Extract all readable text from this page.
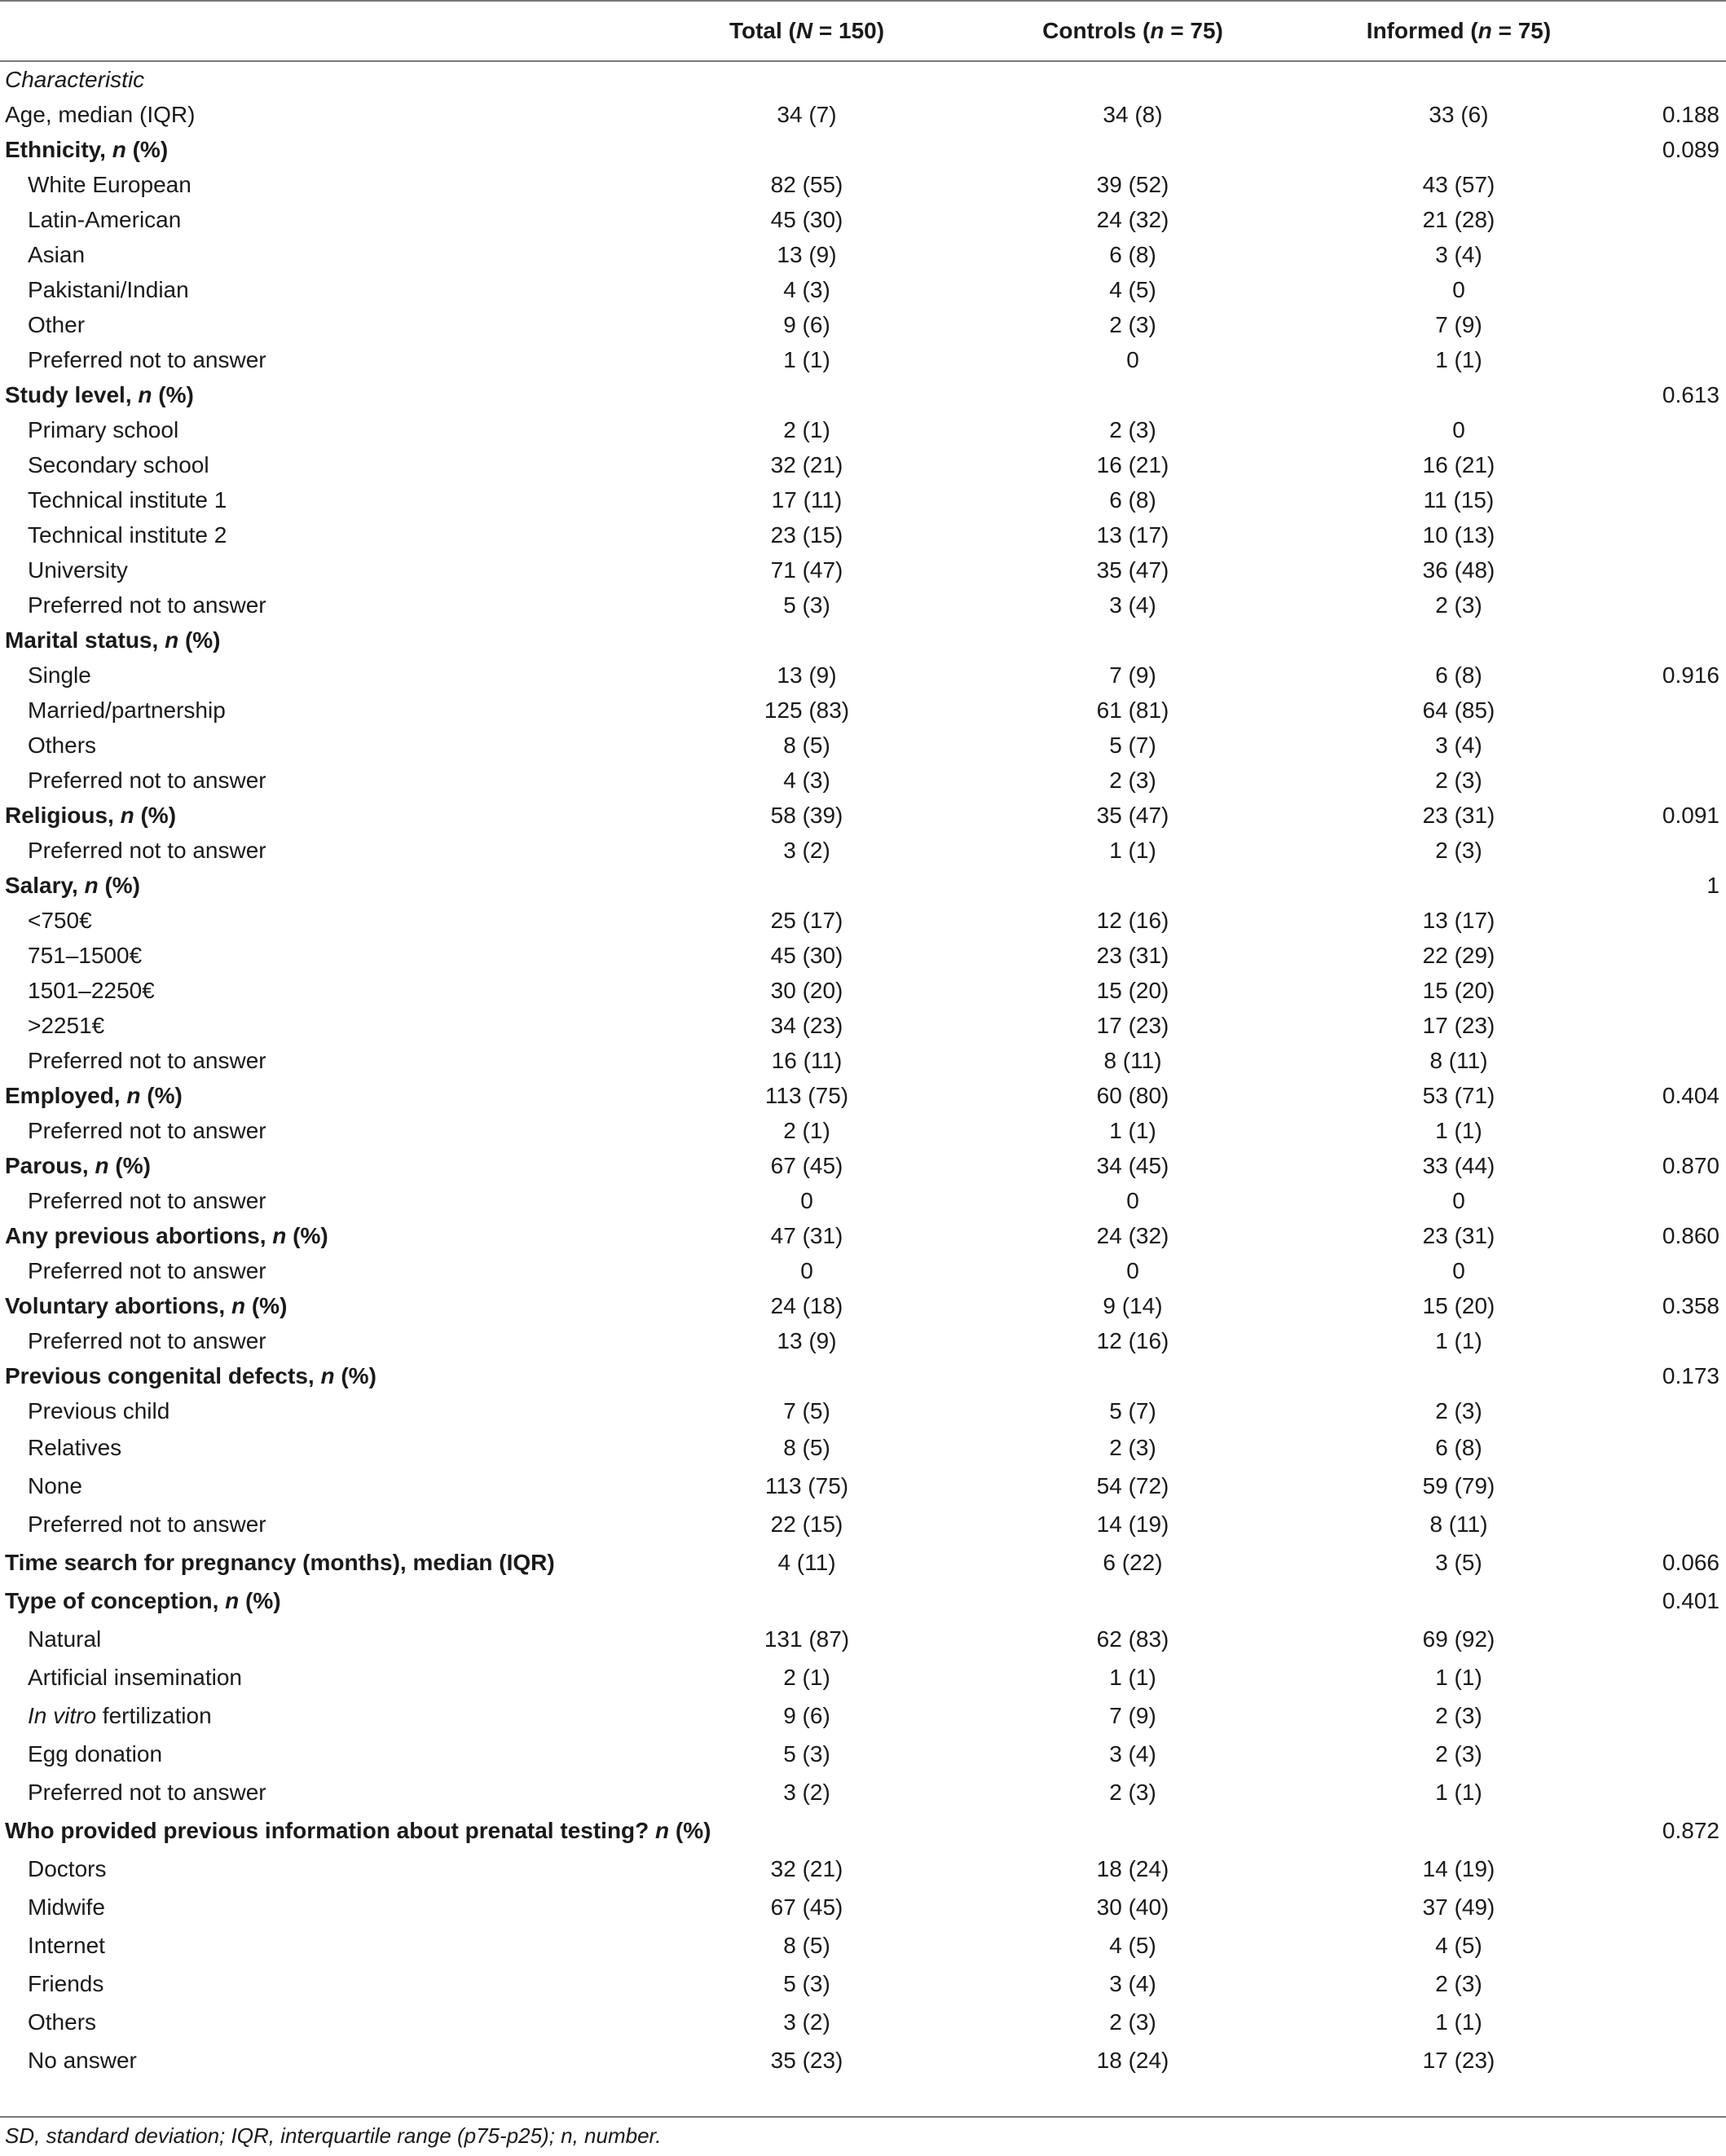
	Total (N = 150)	Controls (n = 75)	Informed (n = 75)	
Characteristic				
Age, median (IQR)	34 (7)	34 (8)	33 (6)	0.188
Ethnicity, n (%)				0.089
White European	82 (55)	39 (52)	43 (57)	
Latin-American	45 (30)	24 (32)	21 (28)	
Asian	13 (9)	6 (8)	3 (4)	
Pakistani/Indian	4 (3)	4 (5)	0	
Other	9 (6)	2 (3)	7 (9)	
Preferred not to answer	1 (1)	0	1 (1)	
Study level, n (%)				0.613
Primary school	2 (1)	2 (3)	0	
Secondary school	32 (21)	16 (21)	16 (21)	
Technical institute 1	17 (11)	6 (8)	11 (15)	
Technical institute 2	23 (15)	13 (17)	10 (13)	
University	71 (47)	35 (47)	36 (48)	
Preferred not to answer	5 (3)	3 (4)	2 (3)	
Marital status, n (%)				
Single	13 (9)	7 (9)	6 (8)	0.916
Married/partnership	125 (83)	61 (81)	64 (85)	
Others	8 (5)	5 (7)	3 (4)	
Preferred not to answer	4 (3)	2 (3)	2 (3)	
Religious, n (%)	58 (39)	35 (47)	23 (31)	0.091
Preferred not to answer	3 (2)	1 (1)	2 (3)	
Salary, n (%)				1
<750€	25 (17)	12 (16)	13 (17)	
751–1500€	45 (30)	23 (31)	22 (29)	
1501–2250€	30 (20)	15 (20)	15 (20)	
>2251€	34 (23)	17 (23)	17 (23)	
Preferred not to answer	16 (11)	8 (11)	8 (11)	
Employed, n (%)	113 (75)	60 (80)	53 (71)	0.404
Preferred not to answer	2 (1)	1 (1)	1 (1)	
Parous, n (%)	67 (45)	34 (45)	33 (44)	0.870
Preferred not to answer	0	0	0	
Any previous abortions, n (%)	47 (31)	24 (32)	23 (31)	0.860
Preferred not to answer	0	0	0	
Voluntary abortions, n (%)	24 (18)	9 (14)	15 (20)	0.358
Preferred not to answer	13 (9)	12 (16)	1 (1)	
Previous congenital defects, n (%)				0.173
Previous child	7 (5)	5 (7)	2 (3)	
Relatives	8 (5)	2 (3)	6 (8)	
None	113 (75)	54 (72)	59 (79)	
Preferred not to answer	22 (15)	14 (19)	8 (11)	
Time search for pregnancy (months), median (IQR)	4 (11)	6 (22)	3 (5)	0.066
Type of conception, n (%)				0.401
Natural	131 (87)	62 (83)	69 (92)	
Artificial insemination	2 (1)	1 (1)	1 (1)	
In vitro fertilization	9 (6)	7 (9)	2 (3)	
Egg donation	5 (3)	3 (4)	2 (3)	
Preferred not to answer	3 (2)	2 (3)	1 (1)	
Who provided previous information about prenatal testing? n (%)				0.872
Doctors	32 (21)	18 (24)	14 (19)	
Midwife	67 (45)	30 (40)	37 (49)	
Internet	8 (5)	4 (5)	4 (5)	
Friends	5 (3)	3 (4)	2 (3)	
Others	3 (2)	2 (3)	1 (1)	
No answer	35 (23)	18 (24)	17 (23)	
SD, standard deviation; IQR, interquartile range (p75-p25); n, number.
